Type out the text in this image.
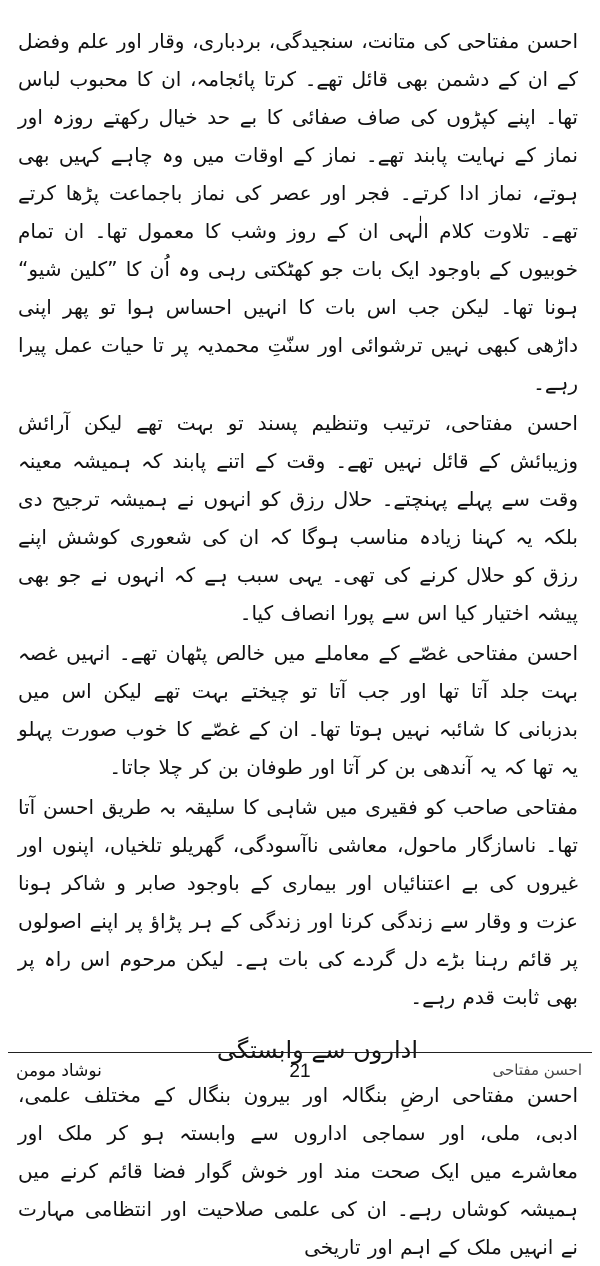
احسن مفتاحی کی متانت، سنجیدگی، بردباری، وقار اور علم وفضل کے ان کے دشمن بھی قائل تھے۔ کرتا پائجامہ، ان کا محبوب لباس تھا۔ اپنے کپڑوں کی صاف صفائی کا بے حد خیال رکھتے روزہ اور نماز کے نہایت پابند تھے۔ نماز کے اوقات میں وہ چاہے کہیں بھی ہوتے، نماز ادا کرتے۔ فجر اور عصر کی نماز باجماعت پڑھا کرتے تھے۔ تلاوت کلام الٰہی ان کے روز وشب کا معمول تھا۔ ان تمام خوبیوں کے باوجود ایک بات جو کھٹکتی رہی وہ اُن کا ”کلین شیو“ ہونا تھا۔ لیکن جب اس بات کا انہیں احساس ہوا تو پھر اپنی داڑھی کبھی نہیں ترشوائی اور سنّتِ محمدیہ پر تا حیات عمل پیرا رہے۔

احسن مفتاحی، ترتیب وتنظیم پسند تو بہت تھے لیکن آرائش وزیبائش کے قائل نہیں تھے۔ وقت کے اتنے پابند کہ ہمیشہ معینہ وقت سے پہلے پہنچتے۔ حلال رزق کو انہوں نے ہمیشہ ترجیح دی بلکہ یہ کہنا زیادہ مناسب ہوگا کہ ان کی شعوری کوشش اپنے رزق کو حلال کرنے کی تھی۔ یہی سبب ہے کہ انہوں نے جو بھی پیشہ اختیار کیا اس سے پورا انصاف کیا۔

احسن مفتاحی غصّے کے معاملے میں خالص پٹھان تھے۔ انہیں غصہ بہت جلد آتا تھا اور جب آتا تو چیختے بہت تھے لیکن اس میں بدزبانی کا شائبہ نہیں ہوتا تھا۔ ان کے غصّے کا خوب صورت پہلو یہ تھا کہ یہ آندھی بن کر آتا اور طوفان بن کر چلا جاتا۔

مفتاحی صاحب کو فقیری میں شاہی کا سلیقہ بہ طریق احسن آتا تھا۔ ناسازگار ماحول، معاشی ناآسودگی، گھریلو تلخیاں، اپنوں اور غیروں کی بے اعتنائیاں اور بیماری کے باوجود صابر و شاکر ہونا عزت و وقار سے زندگی کرنا اور زندگی کے ہر پڑاؤ پر اپنے اصولوں پر قائم رہنا بڑے دل گردے کی بات ہے۔ لیکن مرحوم اس راہ پر بھی ثابت قدم رہے۔

اداروں سے وابستگی

احسن مفتاحی ارضِ بنگالہ اور بیرون بنگال کے مختلف علمی، ادبی، ملی، اور سماجی اداروں سے وابستہ ہو کر ملک اور معاشرے میں ایک صحت مند اور خوش گوار فضا قائم کرنے میں ہمیشہ کوشاں رہے۔ ان کی علمی صلاحیت اور انتظامی مہارت نے انہیں ملک کے اہم اور تاریخی

نوشاد مومن	21	احسن مفتاحی
